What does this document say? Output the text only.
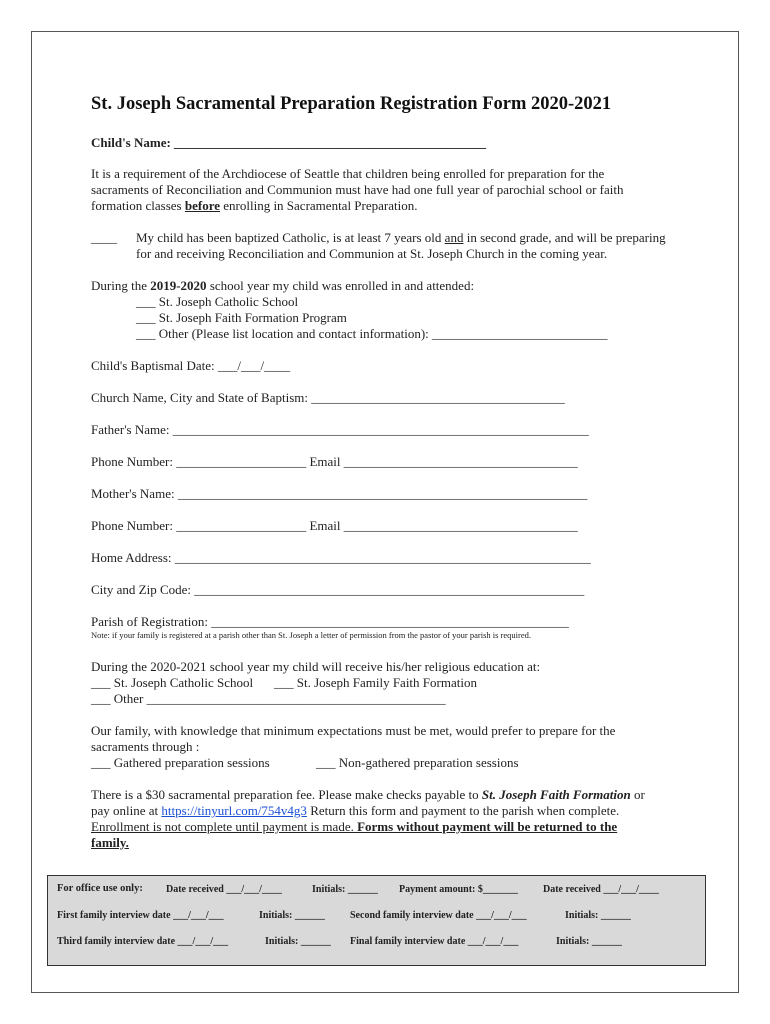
St. Joseph Sacramental Preparation Registration Form 2020-2021
Child's Name: ________________________________________________
It is a requirement of the Archdiocese of Seattle that children being enrolled for preparation for the
sacraments of Reconciliation and Communion must have had one full year of parochial school or faith
formation classes before enrolling in Sacramental Preparation.
____ My child has been baptized Catholic, is at least 7 years old and in second grade, and will be preparing
for and receiving Reconciliation and Communion at St. Joseph Church in the coming year.
During the 2019-2020 school year my child was enrolled in and attended:
___ St. Joseph Catholic School
___ St. Joseph Faith Formation Program
___ Other (Please list location and contact information): ___________________________
Child's Baptismal Date: ___/___/____
Church Name, City and State of Baptism: _______________________________________
Father's Name: ________________________________________________________________
Phone Number: ____________________ Email ____________________________________
Mother's Name: _______________________________________________________________
Phone Number: ____________________ Email ____________________________________
Home Address: ________________________________________________________________
City and Zip Code: ____________________________________________________________
Parish of Registration: _______________________________________________________
Note: if your family is registered at a parish other than St. Joseph a letter of permission from the pastor of your parish is required.
During the 2020-2021 school year my child will receive his/her religious education at:
___ St. Joseph Catholic School ___ St. Joseph Family Faith Formation
___ Other ______________________________________________
Our family, with knowledge that minimum expectations must be met, would prefer to prepare for the
sacraments through :
___ Gathered preparation sessions	___ Non-gathered preparation sessions
There is a $30 sacramental preparation fee. Please make checks payable to St. Joseph Faith Formation or
pay online at https://tinyurl.com/754v4g3 Return this form and payment to the parish when complete.
Enrollment is not complete until payment is made. Forms without payment will be returned to the
family.
For office use only: Date received ___/___/____	Initials: ______ Payment amount: $_______	Date received ___/___/____
First family interview date ___/___/___	Initials: ______	Second family interview date ___/___/___	Initials: ______
Third family interview date ___/___/___	Initials: ______ Final family interview date ___/___/___	Initials: ______
